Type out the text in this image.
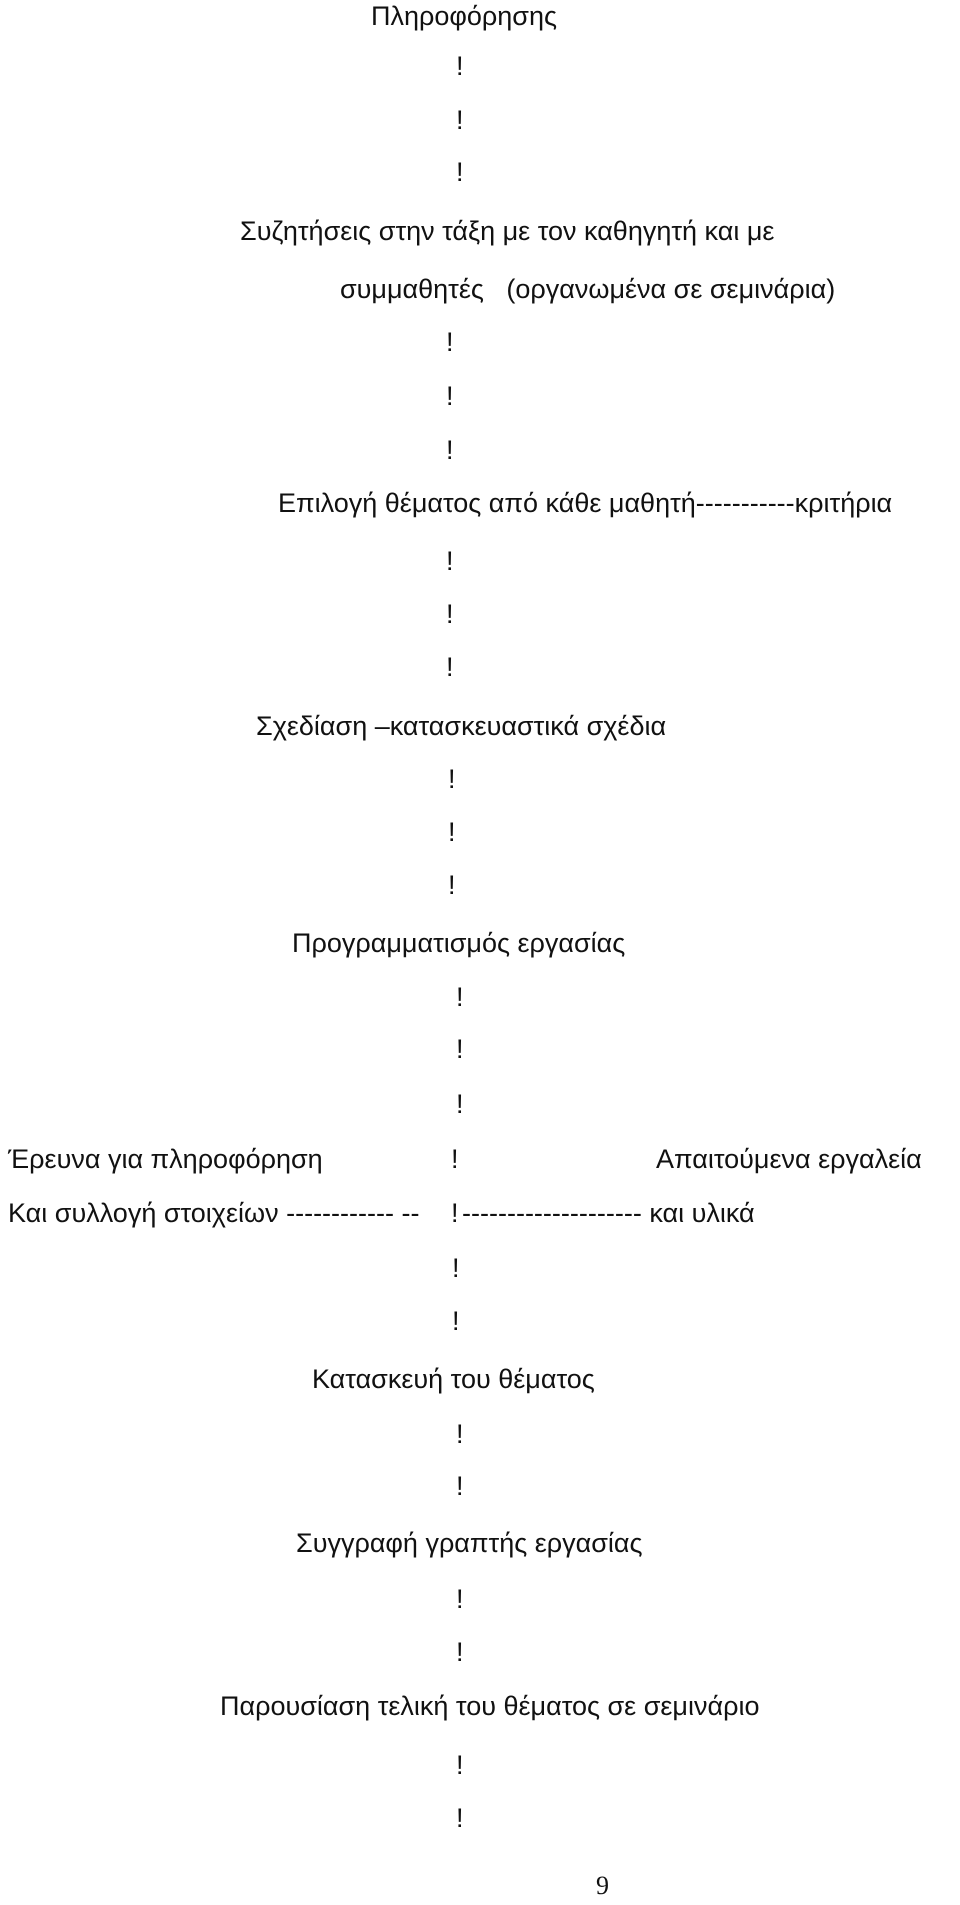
Πληροφόρησης
!
!
!
Συζητήσεις στην τάξη με τον καθηγητή και με
συμμαθητές   (οργανωμένα σε σεμινάρια)
!
!
!
Επιλογή θέματος από κάθε μαθητή-----------κριτήρια
!
!
!
Σχεδίαση –κατασκευαστικά σχέδια
!
!
!
Προγραμματισμός εργασίας
!
!
!
Έρευνα για πληροφόρηση	!	Απαιτούμενα εργαλεία
Και συλλογή στοιχείων ------------ -- ! -------------------- και υλικά
!
!
Κατασκευή του θέματος
!
!
Συγγραφή γραπτής εργασίας
!
!
Παρουσίαση τελική του θέματος σε σεμινάριο
!
!
9
